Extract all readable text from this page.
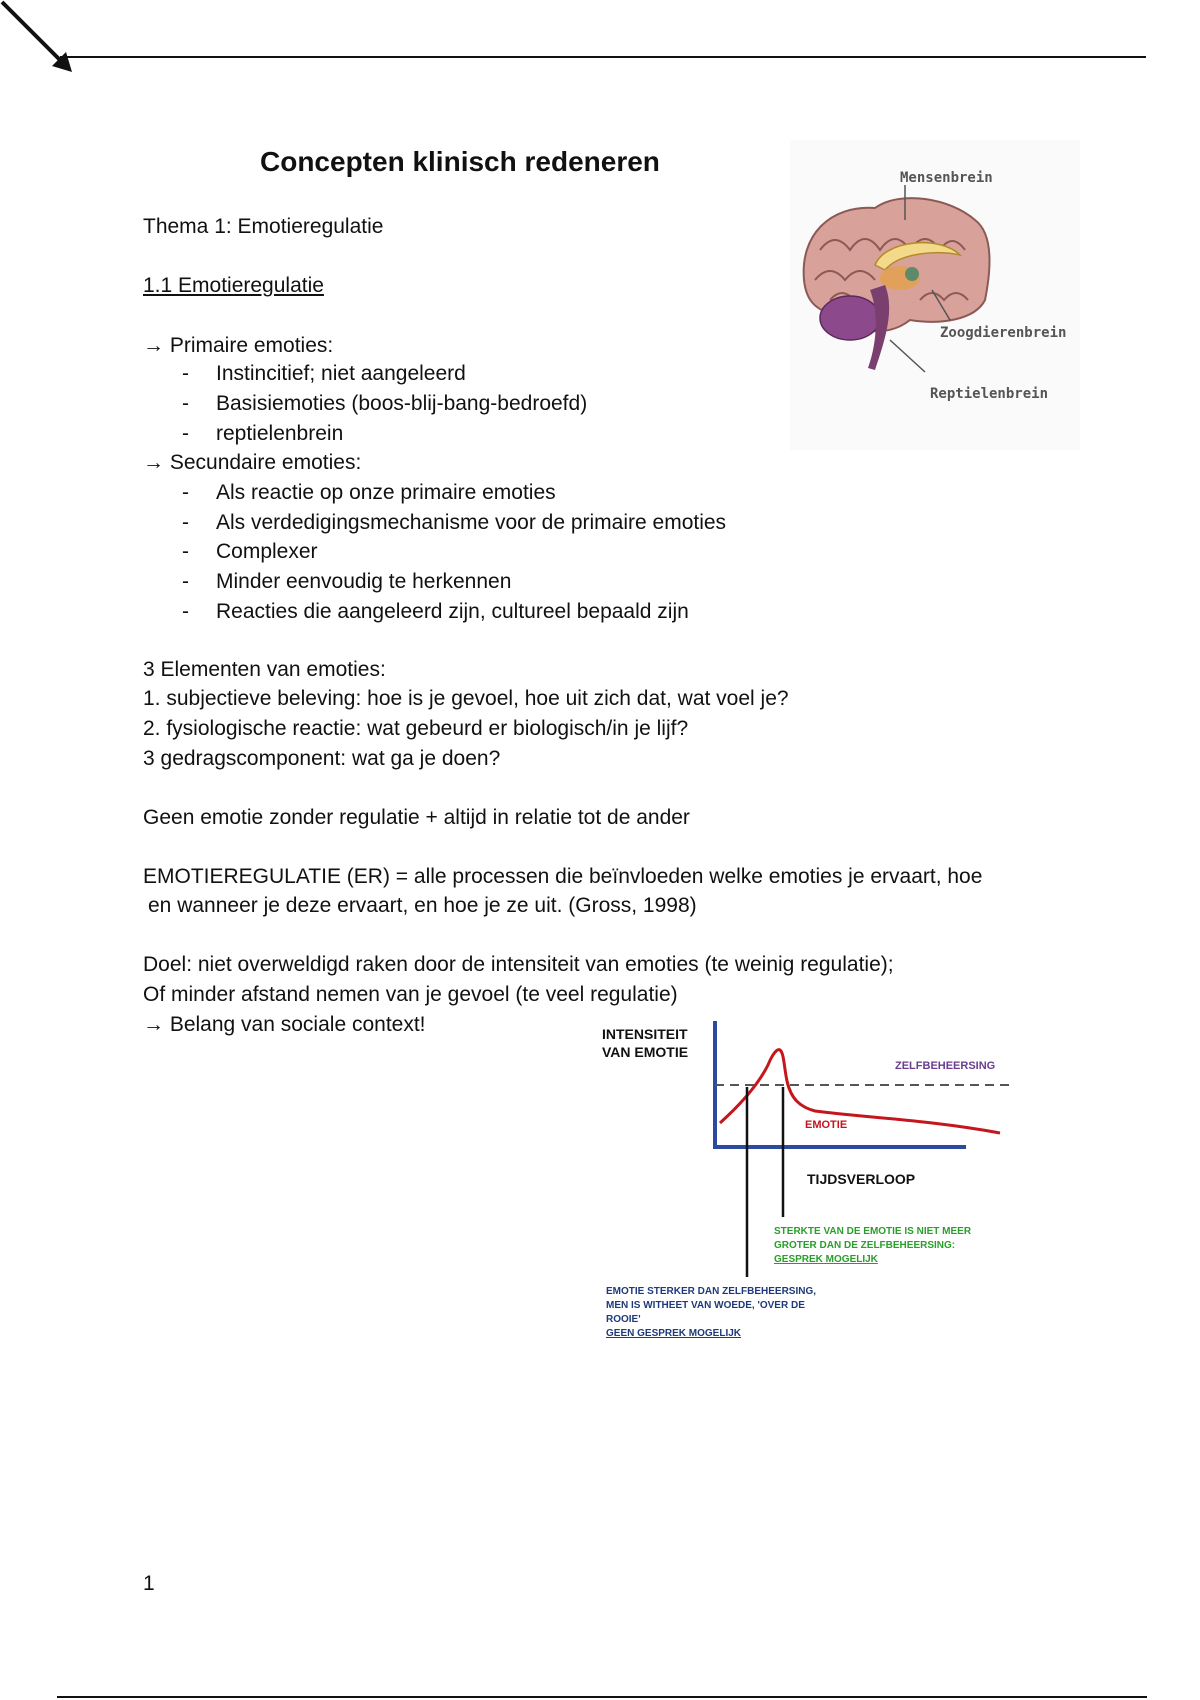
Concepten klinisch redeneren
Thema 1: Emotieregulatie
1.1 Emotieregulatie
→ Primaire emoties:
- Instincitief; niet aangeleerd
- Basisiemoties (boos-blij-bang-bedroefd)
- reptielenbrein
→ Secundaire emoties:
- Als reactie op onze primaire emoties
- Als verdedigingsmechanisme voor de primaire emoties
- Complexer
- Minder eenvoudig te herkennen
- Reacties die aangeleerd zijn, cultureel bepaald zijn
3 Elementen van emoties:
1. subjectieve beleving: hoe is je gevoel, hoe uit zich dat, wat voel je?
2. fysiologische reactie: wat gebeurd er biologisch/in je lijf?
3 gedragscomponent: wat ga je doen?
Geen emotie zonder regulatie + altijd in relatie tot de ander
EMOTIEREGULATIE (ER) = alle processen die beïnvloeden welke emoties je ervaart, hoe
en wanneer je deze ervaart, en hoe je ze uit. (Gross, 1998)
Doel: niet overweldigd raken door de intensiteit van emoties (te weinig regulatie);
Of minder afstand nemen van je gevoel (te veel regulatie)
→ Belang van sociale context!
Mensenbrein
Zoogdierenbrein
Reptielenbrein
INTENSITEIT
VAN EMOTIE
ZELFBEHEERSING
EMOTIE
TIJDSVERLOOP
STERKTE VAN DE EMOTIE IS NIET MEER
GROTER DAN DE ZELFBEHEERSING:
GESPREK MOGELIJK
EMOTIE STERKER DAN ZELFBEHEERSING,
MEN IS WITHEET VAN WOEDE, 'OVER DE
ROOIE'
GEEN GESPREK MOGELIJK
1
